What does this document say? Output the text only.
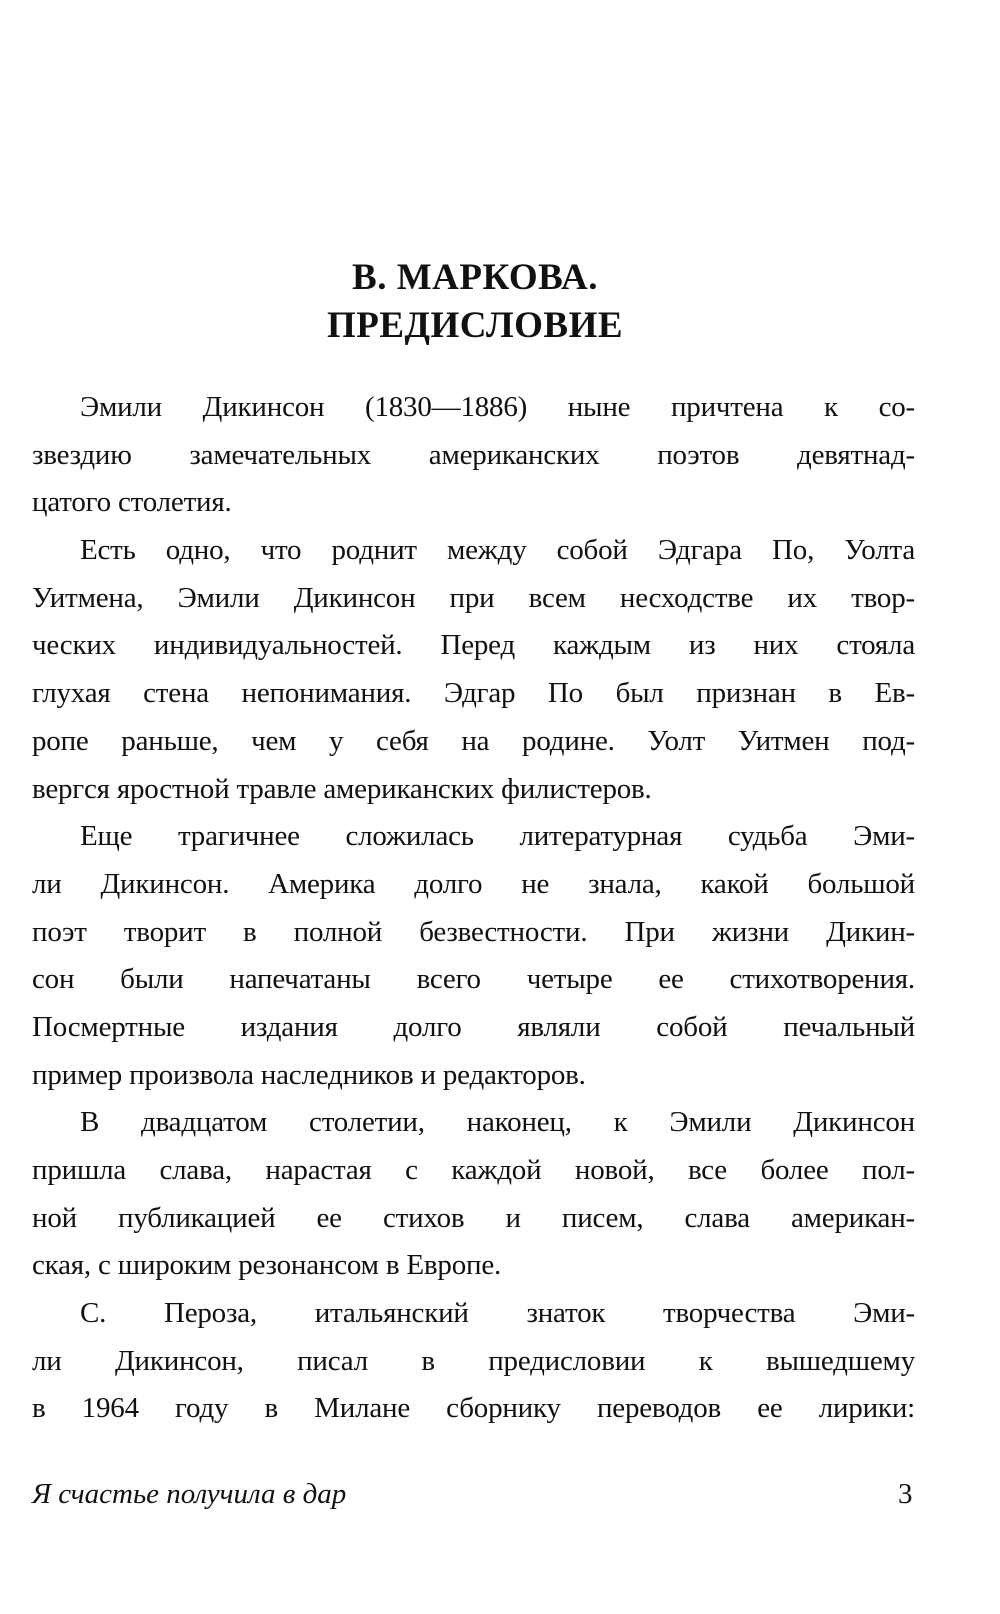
В. МАРКОВА.
ПРЕДИСЛОВИЕ
Эмили Дикинсон (1830—1886) ныне причтена к со-
звездию замечательных американских поэтов девятнад-
цатого столетия.
Есть одно, что роднит между собой Эдгара По, Уолта
Уитмена, Эмили Дикинсон при всем несходстве их твор-
ческих индивидуальностей. Перед каждым из них стояла
глухая стена непонимания. Эдгар По был признан в Ев-
ропе раньше, чем у себя на родине. Уолт Уитмен под-
вергся яростной травле американских филистеров.
Еще трагичнее сложилась литературная судьба Эми-
ли Дикинсон. Америка долго не знала, какой большой
поэт творит в полной безвестности. При жизни Дикин-
сон были напечатаны всего четыре ее стихотворения.
Посмертные издания долго являли собой печальный
пример произвола наследников и редакторов.
В двадцатом столетии, наконец, к Эмили Дикинсон
пришла слава, нарастая с каждой новой, все более пол-
ной публикацией ее стихов и писем, слава американ-
ская, с широким резонансом в Европе.
С. Пероза, итальянский знаток творчества Эми-
ли Дикинсон, писал в предисловии к вышедшему
в 1964 году в Милане сборнику переводов ее лирики:
Я счастье получила в дар	3
